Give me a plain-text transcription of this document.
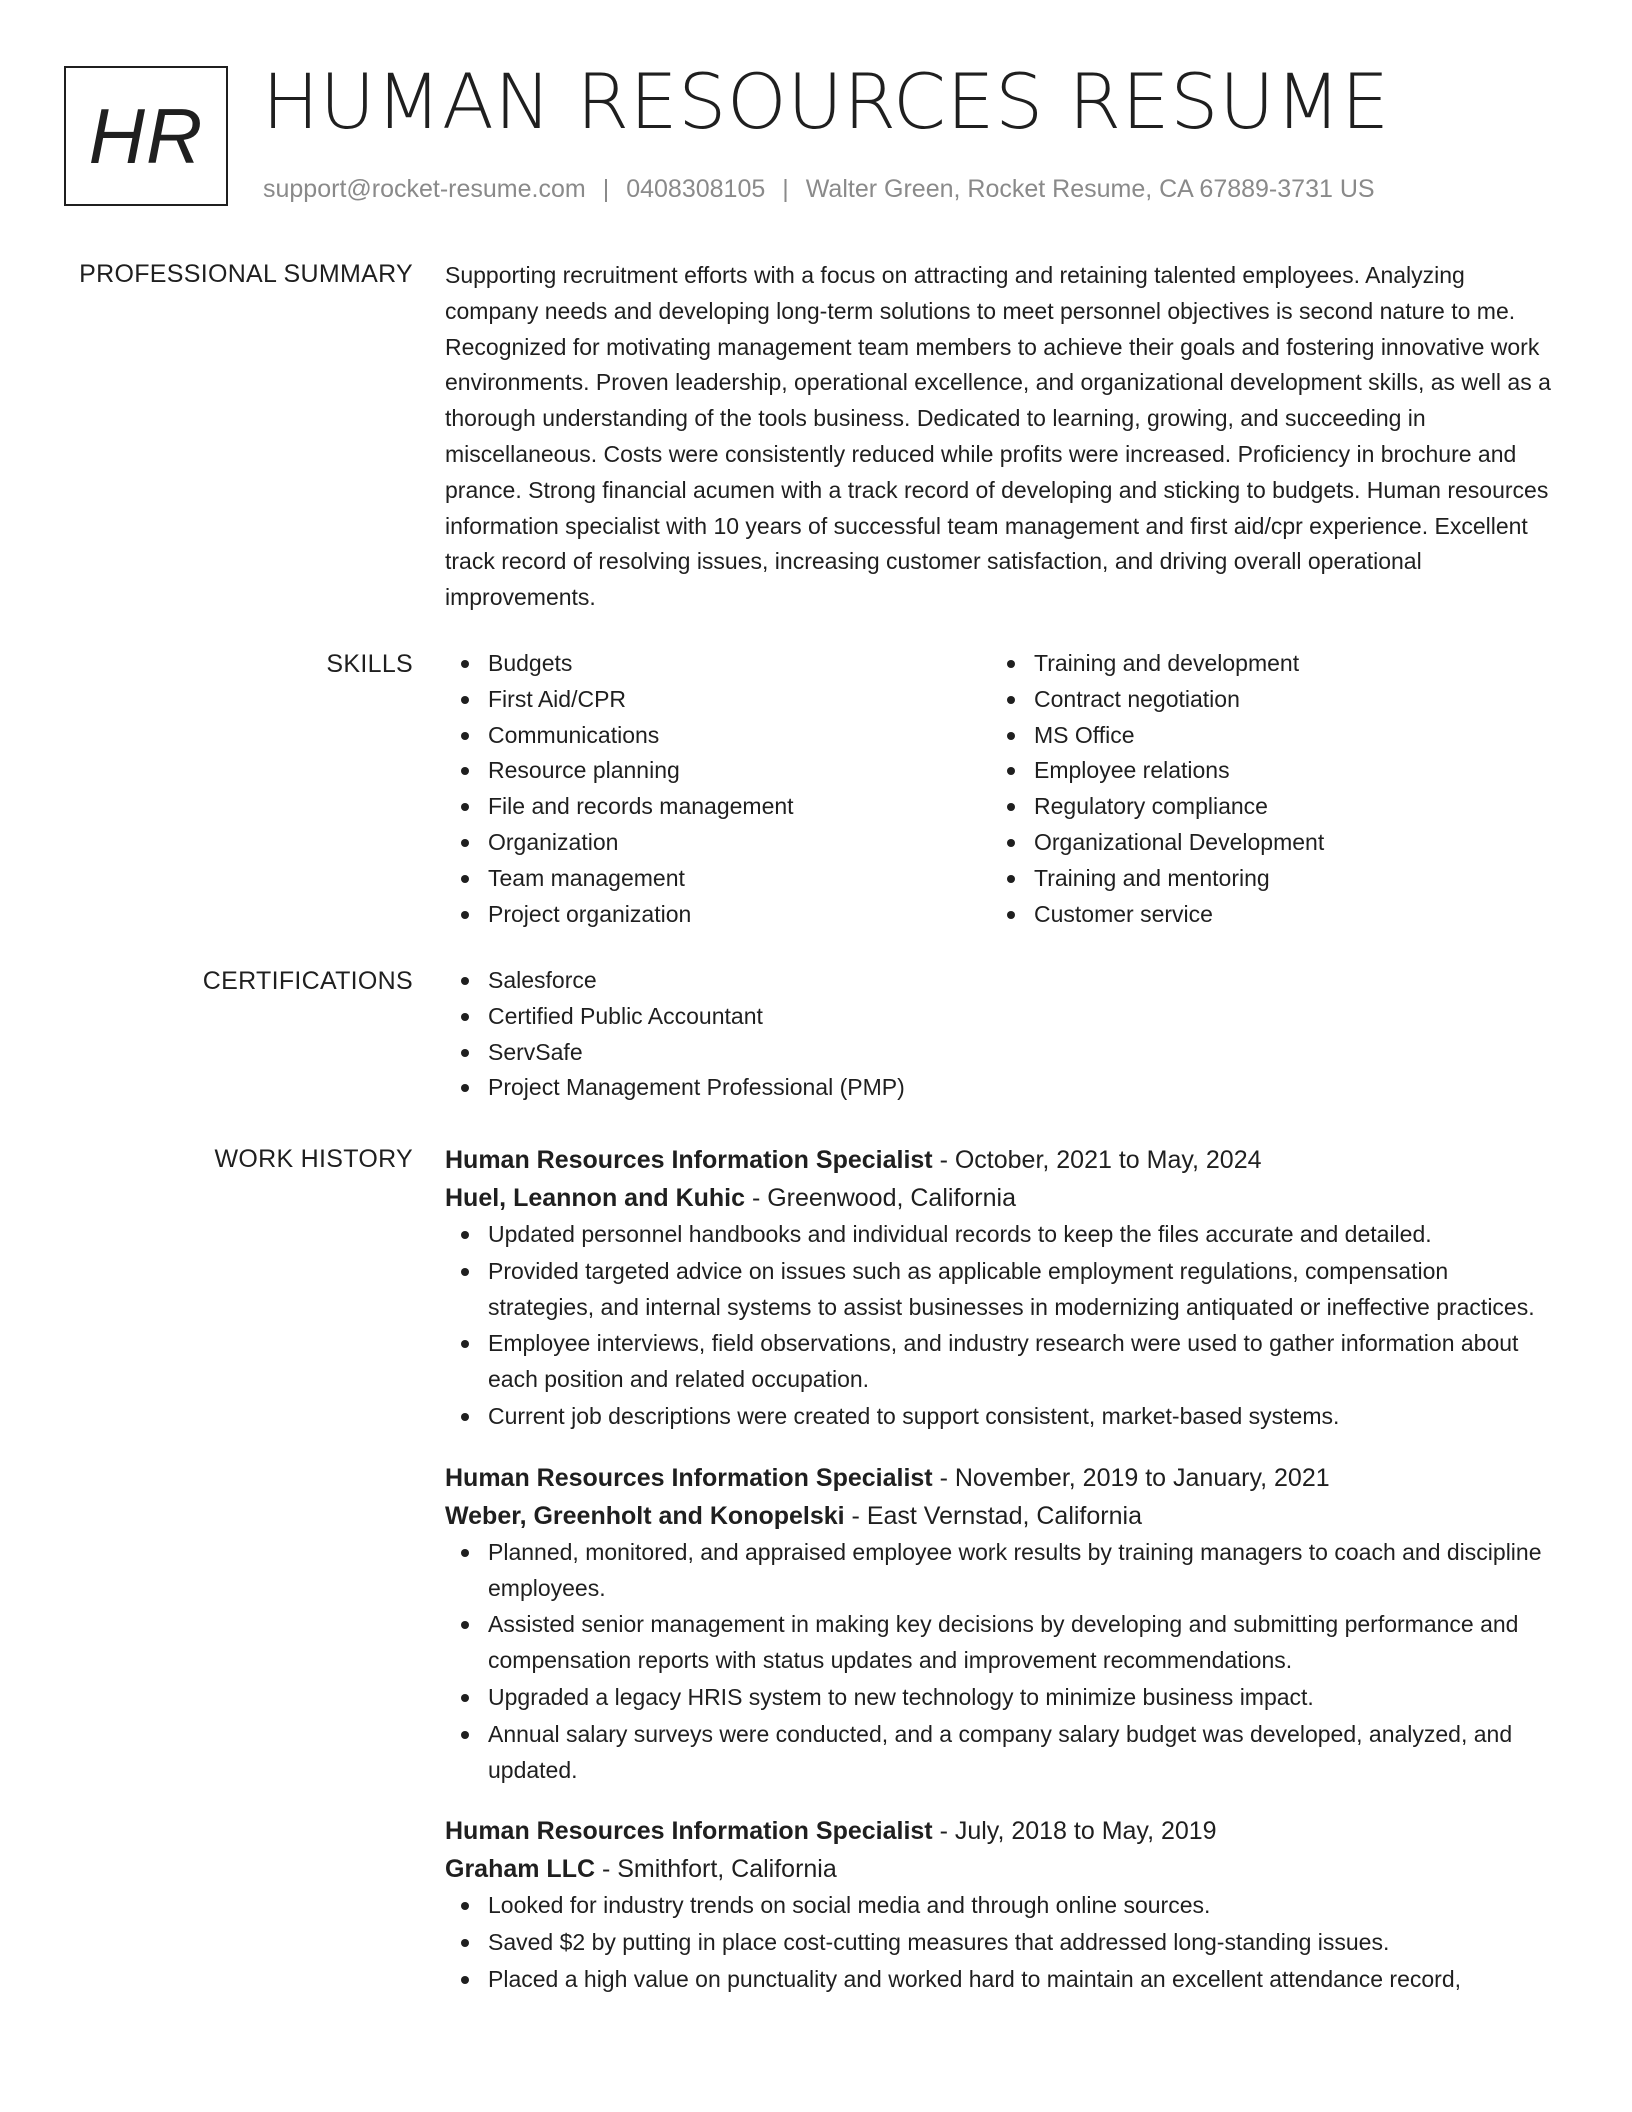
HR HUMAN RESOURCES RESUME
support@rocket-resume.com | 0408308105 | Walter Green, Rocket Resume, CA 67889-3731 US
PROFESSIONAL SUMMARY Supporting recruitment efforts with a focus on attracting and retaining talented employees. Analyzing company needs and developing long-term solutions to meet personnel objectives is second nature to me. Recognized for motivating management team members to achieve their goals and fostering innovative work environments. Proven leadership, operational excellence, and organizational development skills, as well as a thorough understanding of the tools business. Dedicated to learning, growing, and succeeding in miscellaneous. Costs were consistently reduced while profits were increased. Proficiency in brochure and prance. Strong financial acumen with a track record of developing and sticking to budgets. Human resources information specialist with 10 years of successful team management and first aid/cpr experience. Excellent track record of resolving issues, increasing customer satisfaction, and driving overall operational improvements.

SKILLS	Budgets
First Aid/CPR
Communications
Resource planning
File and records management
Organization
Team management
Project organization
Training and development
Contract negotiation
MS Office
Employee relations
Regulatory compliance
Organizational Development
Training and mentoring
Customer service
CERTIFICATIONS	Salesforce
Certified Public Accountant
ServSafe
Project Management Professional (PMP)
WORK HISTORY Human Resources Information Specialist - October, 2021 to May, 2024
Huel, Leannon and Kuhic - Greenwood, California
Updated personnel handbooks and individual records to keep the files accurate and detailed.
Provided targeted advice on issues such as applicable employment regulations, compensation strategies, and internal systems to assist businesses in modernizing antiquated or ineffective practices.
Employee interviews, field observations, and industry research were used to gather information about each position and related occupation.
Current job descriptions were created to support consistent, market-based systems.
Human Resources Information Specialist - November, 2019 to January, 2021
Weber, Greenholt and Konopelski - East Vernstad, California
Planned, monitored, and appraised employee work results by training managers to coach and discipline employees.
Assisted senior management in making key decisions by developing and submitting performance and compensation reports with status updates and improvement recommendations.
Upgraded a legacy HRIS system to new technology to minimize business impact.
Annual salary surveys were conducted, and a company salary budget was developed, analyzed, and updated.
Human Resources Information Specialist - July, 2018 to May, 2019
Graham LLC - Smithfort, California
Looked for industry trends on social media and through online sources.
Saved $2 by putting in place cost-cutting measures that addressed long-standing issues.
Placed a high value on punctuality and worked hard to maintain an excellent attendance record,
